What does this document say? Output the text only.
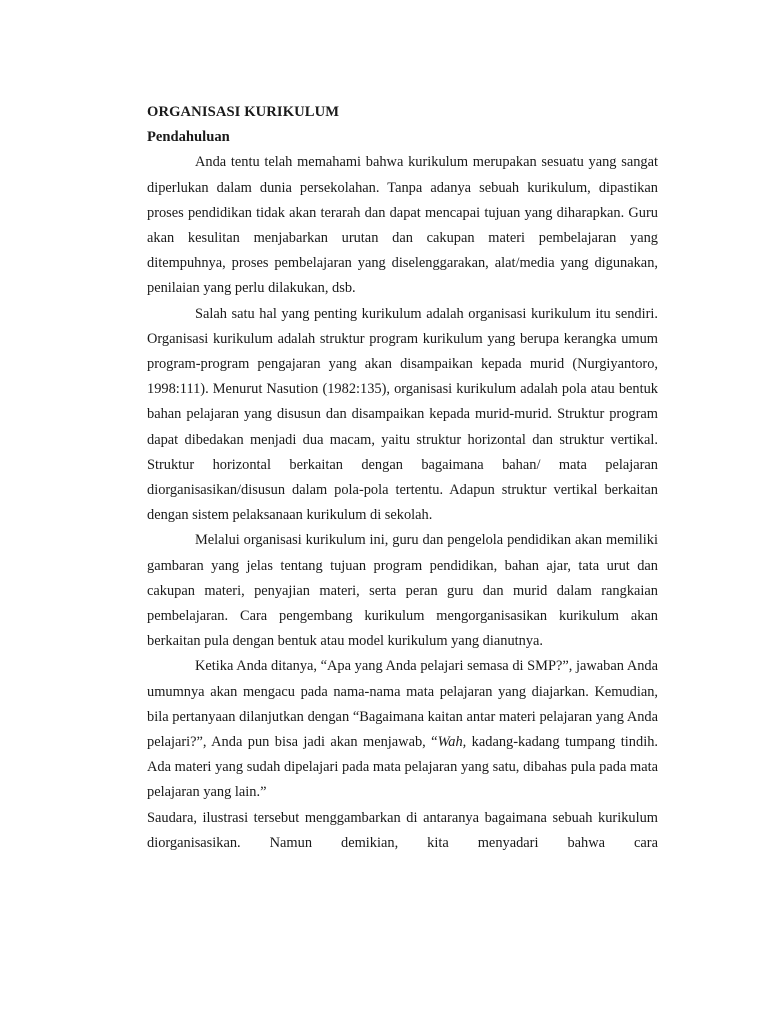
ORGANISASI KURIKULUM
Pendahuluan

Anda tentu telah memahami bahwa kurikulum merupakan sesuatu yang sangat diperlukan dalam dunia persekolahan. Tanpa adanya sebuah kurikulum, dipastikan proses pendidikan tidak akan terarah dan dapat mencapai tujuan yang diharapkan. Guru akan kesulitan menjabarkan urutan dan cakupan materi pembelajaran yang ditempuhnya, proses pembelajaran yang diselenggarakan, alat/media yang digunakan, penilaian yang perlu dilakukan, dsb.

Salah satu hal yang penting kurikulum adalah organisasi kurikulum itu sendiri. Organisasi kurikulum adalah struktur program kurikulum yang berupa kerangka umum program-program pengajaran yang akan disampaikan kepada murid (Nurgiyantoro, 1998:111). Menurut Nasution (1982:135), organisasi kurikulum adalah pola atau bentuk bahan pelajaran yang disusun dan disampaikan kepada murid-murid. Struktur program dapat dibedakan menjadi dua macam, yaitu struktur horizontal dan struktur vertikal. Struktur horizontal berkaitan dengan bagaimana bahan/ mata pelajaran diorganisasikan/disusun dalam pola-pola tertentu. Adapun struktur vertikal berkaitan dengan sistem pelaksanaan kurikulum di sekolah.

Melalui organisasi kurikulum ini, guru dan pengelola pendidikan akan memiliki gambaran yang jelas tentang tujuan program pendidikan, bahan ajar, tata urut dan cakupan materi, penyajian materi, serta peran guru dan murid dalam rangkaian pembelajaran. Cara pengembang kurikulum mengorganisasikan kurikulum akan berkaitan pula dengan bentuk atau model kurikulum yang dianutnya.

Ketika Anda ditanya, “Apa yang Anda pelajari semasa di SMP?”, jawaban Anda umumnya akan mengacu pada nama-nama mata pelajaran yang diajarkan. Kemudian, bila pertanyaan dilanjutkan dengan “Bagaimana kaitan antar materi pelajaran yang Anda pelajari?”, Anda pun bisa jadi akan menjawab, “Wah, kadang-kadang tumpang tindih. Ada materi yang sudah dipelajari pada mata pelajaran yang satu, dibahas pula pada mata pelajaran yang lain.”

Saudara, ilustrasi tersebut menggambarkan di antaranya bagaimana sebuah kurikulum diorganisasikan. Namun demikian, kita menyadari bahwa cara
